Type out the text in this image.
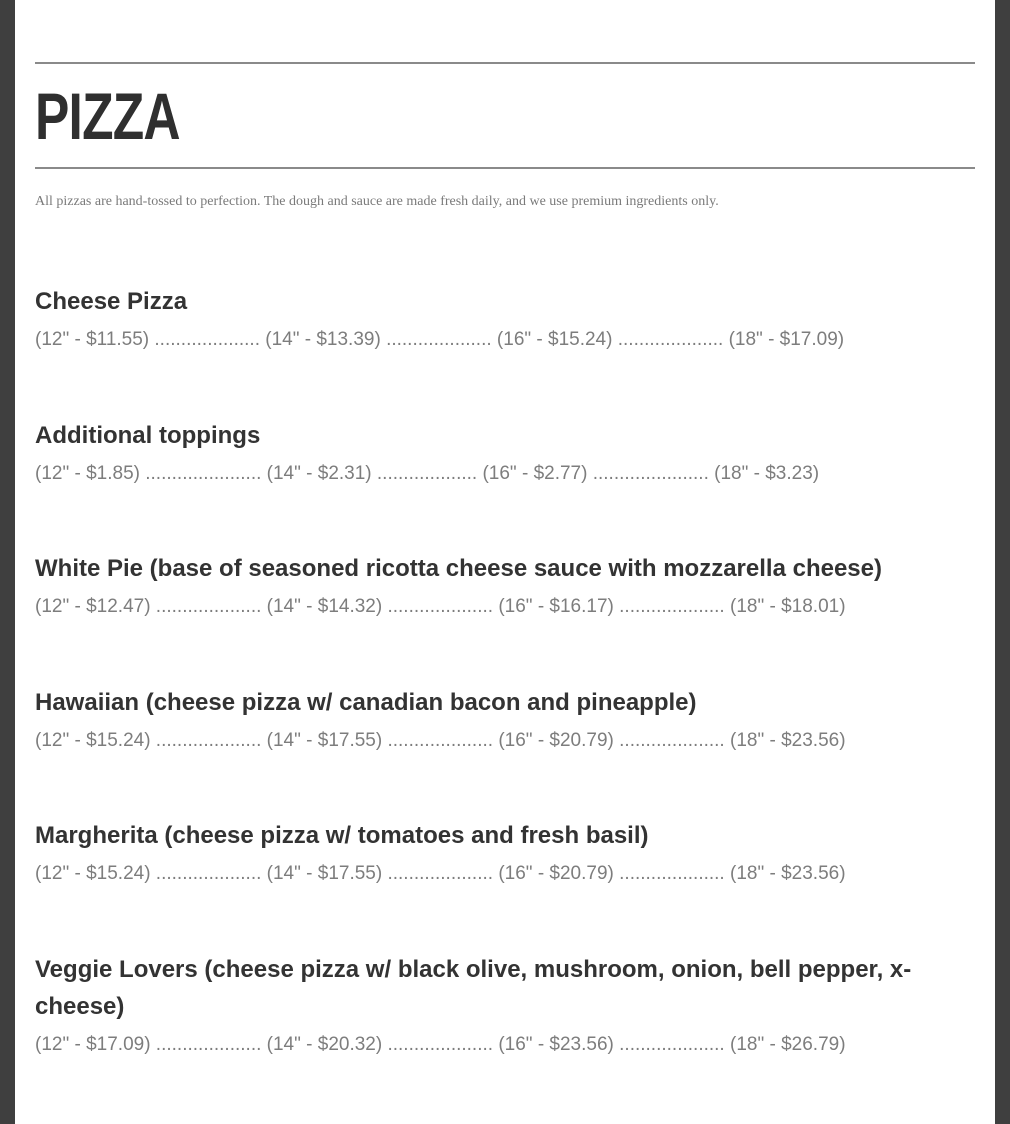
PIZZA

All pizzas are hand-tossed to perfection. The dough and sauce are made fresh daily, and we use premium ingredients only.

Cheese Pizza

(12" - $11.55) .................... (14" - $13.39) .................... (16" - $15.24) .................... (18" - $17.09)

Additional toppings

(12" - $1.85) ...................... (14" - $2.31) ................... (16" - $2.77) ...................... (18" - $3.23)

White Pie (base of seasoned ricotta cheese sauce with mozzarella cheese)

(12" - $12.47) .................... (14" - $14.32) .................... (16" - $16.17) .................... (18" - $18.01)

Hawaiian (cheese pizza w/ canadian bacon and pineapple)

(12" - $15.24) .................... (14" - $17.55) .................... (16" - $20.79) .................... (18" - $23.56)

Margherita (cheese pizza w/ tomatoes and fresh basil)

(12" - $15.24) .................... (14" - $17.55) .................... (16" - $20.79) .................... (18" - $23.56)

Veggie Lovers (cheese pizza w/ black olive, mushroom, onion, bell pepper, x-cheese)

(12" - $17.09) .................... (14" - $20.32) .................... (16" - $23.56) .................... (18" - $26.79)
